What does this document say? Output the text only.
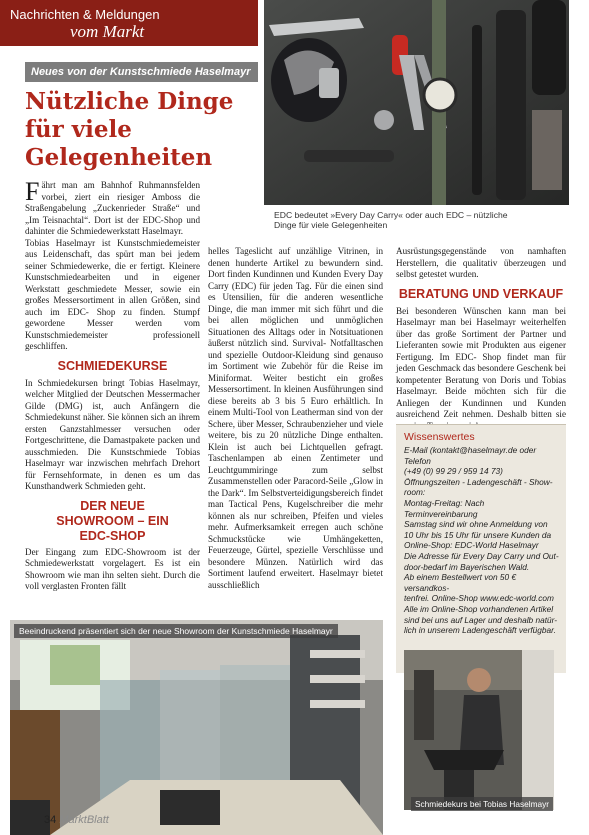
Nachrichten & Meldungen
vom Markt
EDC bedeutet »Every Day Carry« oder auch EDC – nützliche Dinge für viele Gelegenheiten
Neues von der Kunstschmiede Haselmayr
Nützliche Dinge für viele Gelegenheiten

Fährt man am Bahnhof Ruhmannsfelden vorbei, ziert ein riesiger Amboss die Straßengabelung „Zuckenrieder Straße“ und „Im Teisnachtal“. Dort ist der EDC-Shop und dahinter die Schmiedewerkstatt Haselmayr.

Tobias Haselmayr ist Kunstschmiedemeister aus Leidenschaft, das spürt man bei jedem seiner Schmiedewerke, die er fertigt. Kleinere Kunstschmiedearbeiten und in eigener Werkstatt geschmiedete Messer, sowie ein großes Messersortiment in allen Größen, sind auch im EDC- Shop zu finden. Stumpf gewordene Messer werden vom Kunstschmiedemeister professionell geschliffen.

SCHMIEDEKURSE

In Schmiedekursen bringt Tobias Haselmayr, welcher Mitglied der Deutschen Messermacher Gilde (DMG) ist, auch Anfängern die Schmiedekunst näher. Sie können sich an ihrem ersten Ganzstahlmesser versuchen oder Fortgeschrittene, die Damastpakete packen und ausschmieden. Die Kunstschmiede Tobias Haselmayr war inzwischen mehrfach Drehort für Fernsehformate, in denen es um das Kunsthandwerk Schmieden geht.

DER NEUE SHOWROOM – EIN EDC-SHOP

Der Eingang zum EDC-Showroom ist der Schmiedewerkstatt vorgelagert. Es ist ein Showroom wie man ihn selten sieht. Durch die voll verglasten Fronten fällt

helles Tageslicht auf unzählige Vitrinen, in denen hunderte Artikel zu bewundern sind. Dort finden Kundinnen und Kunden Every Day Carry (EDC) für jeden Tag. Für die einen sind es Utensilien, für die anderen wesentliche Dinge, die man immer mit sich führt und die bei allen möglichen und unmöglichen Situationen des Alltags oder in Notsituationen äußerst nützlich sind. Survival- Notfalltaschen und spezielle Outdoor-Kleidung sind genauso im Sortiment wie Zubehör für die Reise im Miniformat. Weiter besticht ein großes Messersortiment. In kleinen Ausführungen sind diese bereits ab 3 bis 5 Euro erhältlich. In einem Multi-Tool von Leatherman sind von der Schere, über Messer, Schraubenzieher und viele weitere, bis zu 20 nützliche Dinge enthalten. Klein ist auch bei Lichtquellen gefragt. Taschenlampen ab einen Zentimeter und Leuchtgummiringe zum selbst Zusammenstellen oder Paracord-Seile „Glow in the Dark“. Im Selbstverteidigungsbereich findet man Tactical Pens, Kugelschreiber die mehr können als nur schreiben, Pfeifen und vieles mehr. Aufmerksamkeit erregen auch schöne Schmuckstücke wie Umhängeketten, Feuerzeuge, Gürtel, spezielle Verschlüsse und besondere Münzen. Natürlich wird das Sortiment laufend erweitert. Haselmayr bietet ausschließlich

Ausrüstungsgegenstände von namhaften Herstellern, die qualitativ überzeugen und selbst getestet wurden.

BERATUNG UND VERKAUF

Bei besonderen Wünschen kann man bei Haselmayr man bei Haselmayr weiterhelfen über das große Sortiment der Partner und Lieferanten sowie mit Produkten aus eigener Fertigung. Im EDC- Shop findet man für jeden Geschmack das besondere Geschenk bei kompetenter Beratung von Doris und Tobias Haselmayr. Beide möchten sich für die Anliegen der Kundinnen und Kunden ausreichend Zeit nehmen. Deshalb bitten sie

Wissenswertes
E-Mail (kontakt@haselmayr.de oder Telefon
(+49 (0) 99 29 / 959 14 73)
Öffnungszeiten - Ladengeschäft - Show-
room:
Montag-Freitag: Nach Terminvereinbarung
Samstag sind wir ohne Anmeldung von
10 Uhr bis 15 Uhr für unsere Kunden da
Online-Shop: EDC-World Haselmayr
Die Adresse für Every Day Carry und Out-
door-bedarf im Bayerischen Wald.
Ab einem Bestellwert von 50 € versandkos-
tenfrei. Online-Shop www.edc-world.com
Alle im Online-Shop vorhandenen Artikel
sind bei uns auf Lager und deshalb natür-
lich in unserem Ladengeschäft verfügbar.
Beeindruckend präsentiert sich der neue Showroom der Kunstschmiede Haselmayr
Schmiedekurs bei Tobias Haselmayr
34 MarktBlatt
